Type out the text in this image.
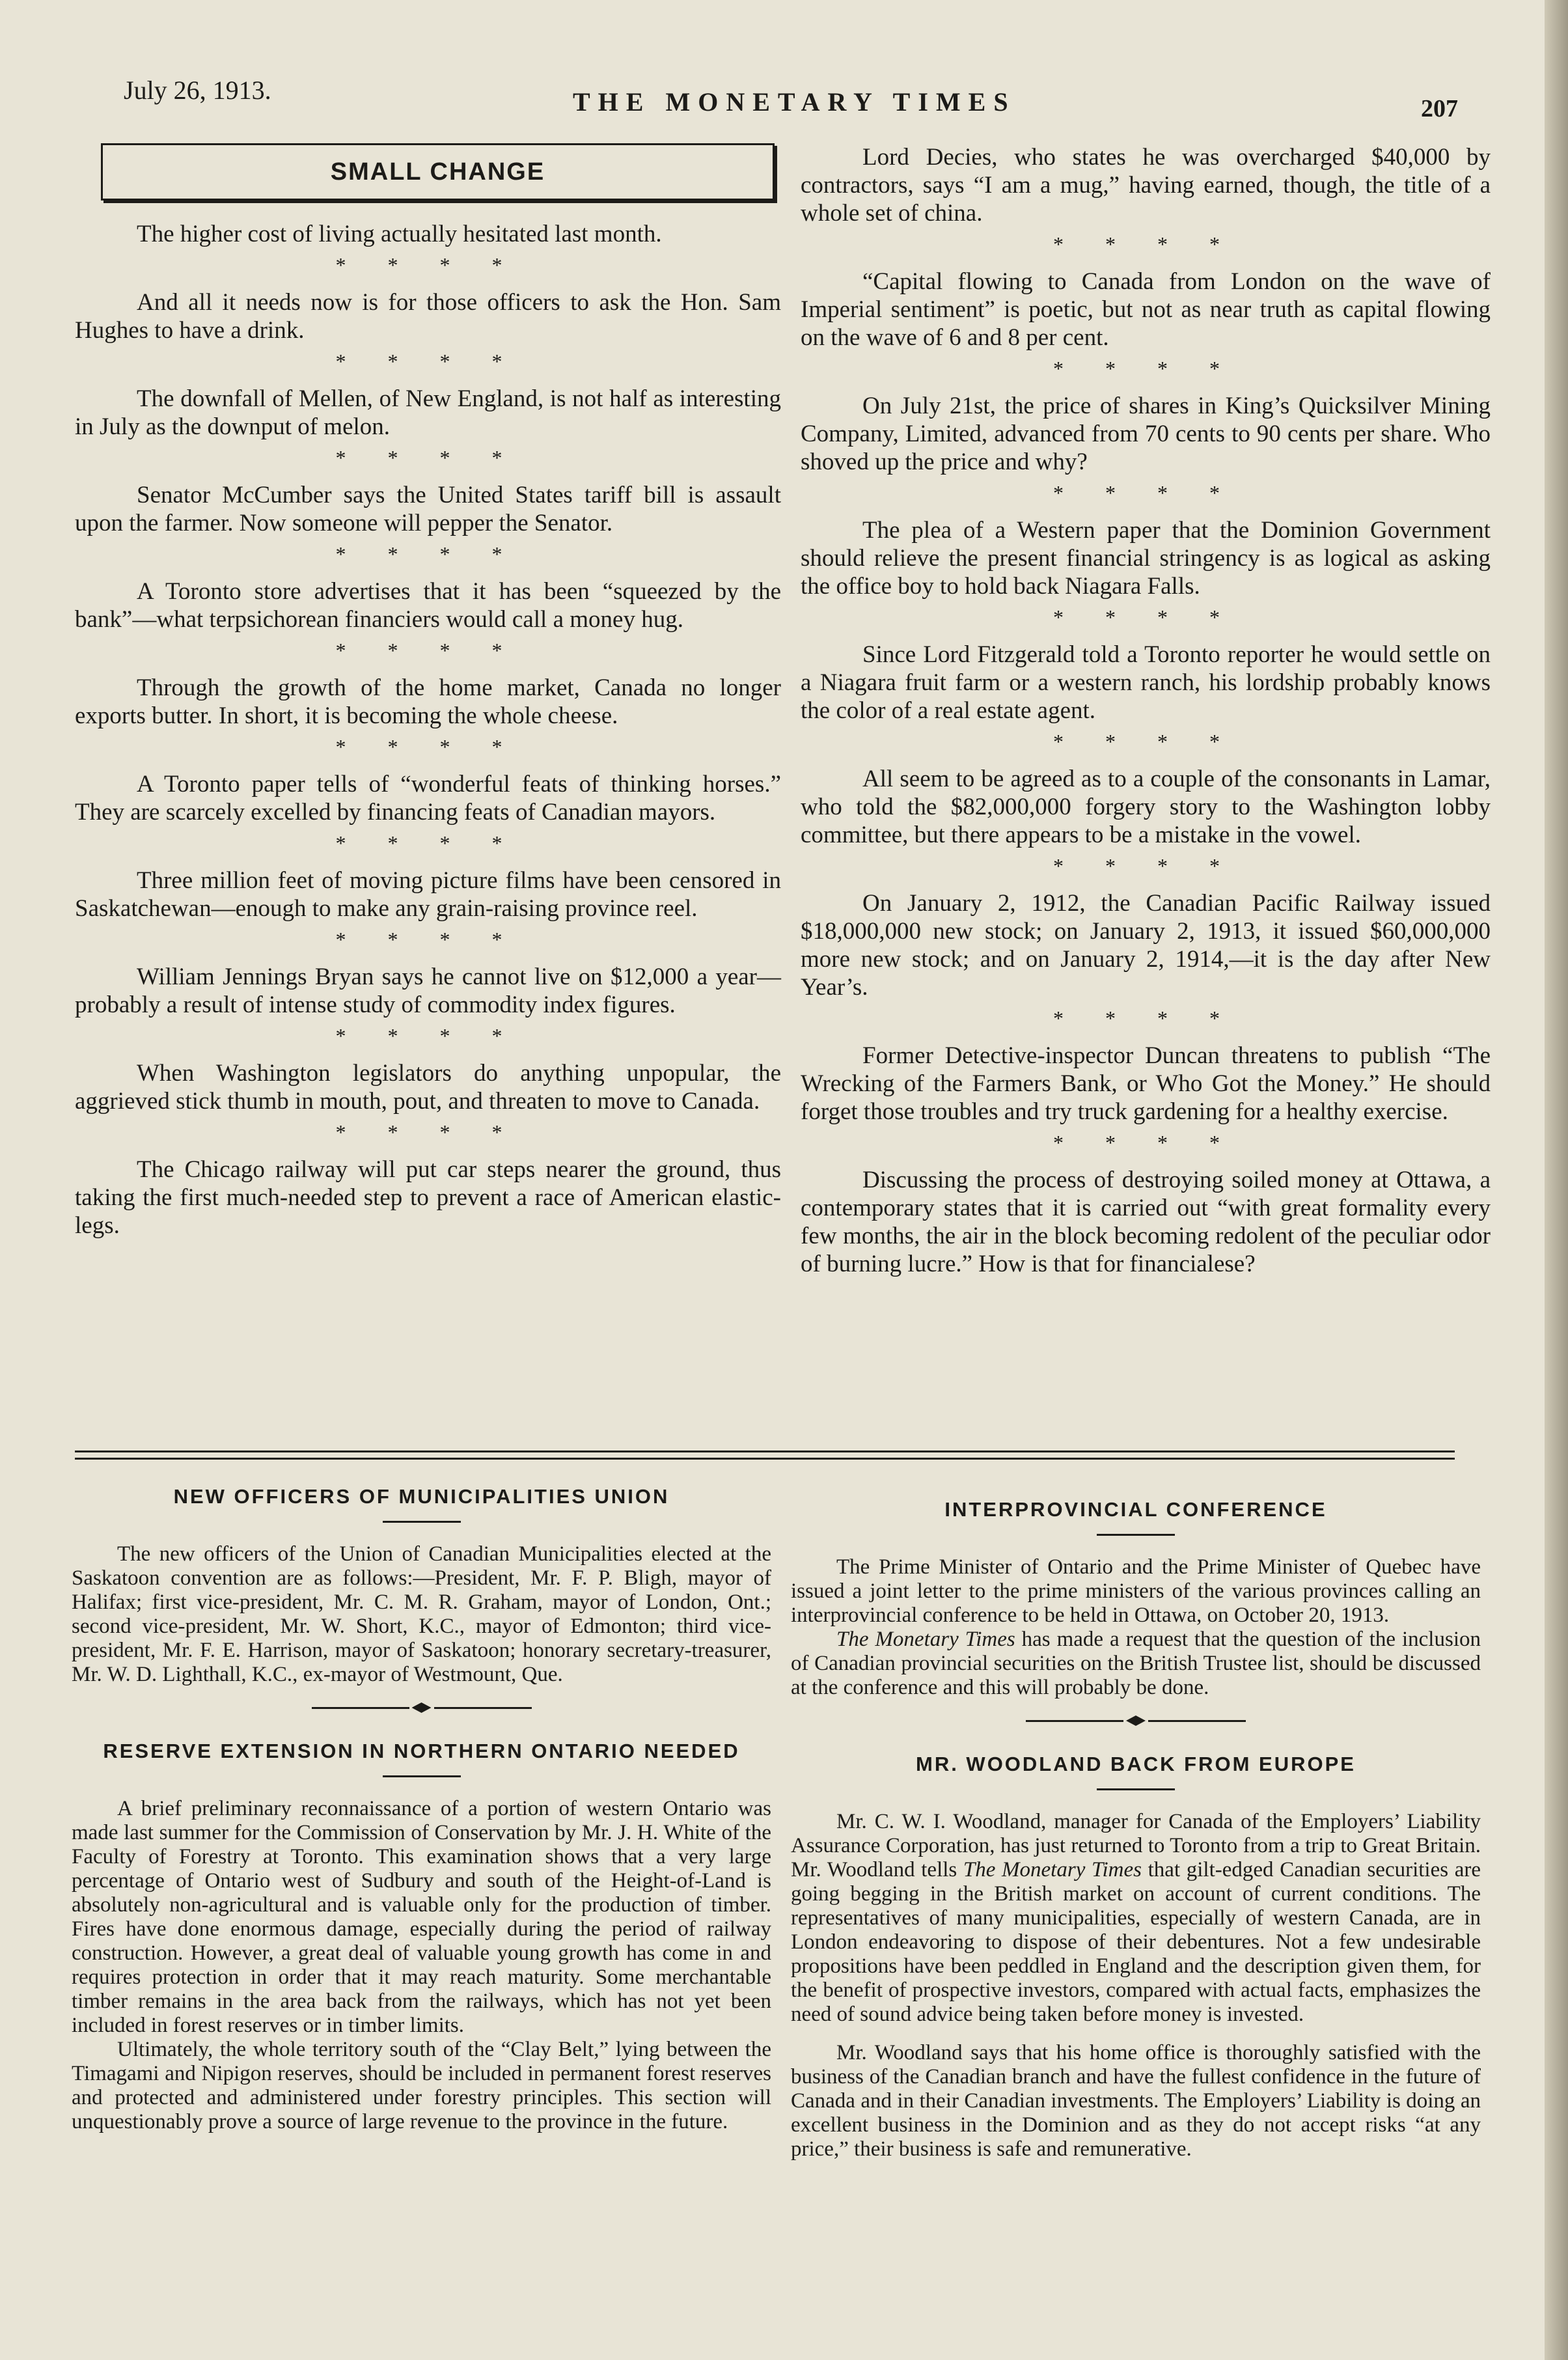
July 26, 1913.	THE MONETARY TIMES	207
SMALL CHANGE

The higher cost of living actually hesitated last month.

* * * *

And all it needs now is for those officers to ask the Hon. Sam Hughes to have a drink.

* * * *

The downfall of Mellen, of New England, is not half as interesting in July as the downput of melon.

* * * *

Senator McCumber says the United States tariff bill is assault upon the farmer. Now someone will pepper the Senator.

* * * *

A Toronto store advertises that it has been “squeezed by the bank”—what terpsichorean financiers would call a money hug.

* * * *

Through the growth of the home market, Canada no longer exports butter. In short, it is becoming the whole cheese.

* * * *

A Toronto paper tells of “wonderful feats of thinking horses.” They are scarcely excelled by financing feats of Canadian mayors.

* * * *

Three million feet of moving picture films have been censored in Saskatchewan—enough to make any grain-raising province reel.

* * * *

William Jennings Bryan says he cannot live on $12,000 a year—probably a result of intense study of commodity index figures.

* * * *

When Washington legislators do anything unpopular, the aggrieved stick thumb in mouth, pout, and threaten to move to Canada.

* * * *

The Chicago railway will put car steps nearer the ground, thus taking the first much-needed step to prevent a race of American elastic-legs.

Lord Decies, who states he was overcharged $40,000 by contractors, says “I am a mug,” having earned, though, the title of a whole set of china.

* * * *

“Capital flowing to Canada from London on the wave of Imperial sentiment” is poetic, but not as near truth as capital flowing on the wave of 6 and 8 per cent.

* * * *

On July 21st, the price of shares in King’s Quicksilver Mining Company, Limited, advanced from 70 cents to 90 cents per share. Who shoved up the price and why?

* * * *

The plea of a Western paper that the Dominion Government should relieve the present financial stringency is as logical as asking the office boy to hold back Niagara Falls.

* * * *

Since Lord Fitzgerald told a Toronto reporter he would settle on a Niagara fruit farm or a western ranch, his lordship probably knows the color of a real estate agent.

* * * *

All seem to be agreed as to a couple of the consonants in Lamar, who told the $82,000,000 forgery story to the Washington lobby committee, but there appears to be a mistake in the vowel.

* * * *

On January 2, 1912, the Canadian Pacific Railway issued $18,000,000 new stock; on January 2, 1913, it issued $60,000,000 more new stock; and on January 2, 1914,—it is the day after New Year’s.

* * * *

Former Detective-inspector Duncan threatens to publish “The Wrecking of the Farmers Bank, or Who Got the Money.” He should forget those troubles and try truck gardening for a healthy exercise.

* * * *

Discussing the process of destroying soiled money at Ottawa, a contemporary states that it is carried out “with great formality every few months, the air in the block becoming redolent of the peculiar odor of burning lucre.” How is that for financialese?

NEW OFFICERS OF MUNICIPALITIES UNION

The new officers of the Union of Canadian Municipalities elected at the Saskatoon convention are as follows:—President, Mr. F. P. Bligh, mayor of Halifax; first vice-president, Mr. C. M. R. Graham, mayor of London, Ont.; second vice-president, Mr. W. Short, K.C., mayor of Edmonton; third vice-president, Mr. F. E. Harrison, mayor of Saskatoon; honorary secretary-treasurer, Mr. W. D. Lighthall, K.C., ex-mayor of Westmount, Que.

RESERVE EXTENSION IN NORTHERN ONTARIO NEEDED

A brief preliminary reconnaissance of a portion of western Ontario was made last summer for the Commission of Conservation by Mr. J. H. White of the Faculty of Forestry at Toronto. This examination shows that a very large percentage of Ontario west of Sudbury and south of the Height-of-Land is absolutely non-agricultural and is valuable only for the production of timber. Fires have done enormous damage, especially during the period of railway construction. However, a great deal of valuable young growth has come in and requires protection in order that it may reach maturity. Some merchantable timber remains in the area back from the railways, which has not yet been included in forest reserves or in timber limits.

Ultimately, the whole territory south of the “Clay Belt,” lying between the Timagami and Nipigon reserves, should be included in permanent forest reserves and protected and administered under forestry principles. This section will unquestionably prove a source of large revenue to the province in the future.

INTERPROVINCIAL CONFERENCE

The Prime Minister of Ontario and the Prime Minister of Quebec have issued a joint letter to the prime ministers of the various provinces calling an interprovincial conference to be held in Ottawa, on October 20, 1913.

The Monetary Times has made a request that the question of the inclusion of Canadian provincial securities on the British Trustee list, should be discussed at the conference and this will probably be done.

MR. WOODLAND BACK FROM EUROPE

Mr. C. W. I. Woodland, manager for Canada of the Employers’ Liability Assurance Corporation, has just returned to Toronto from a trip to Great Britain. Mr. Woodland tells The Monetary Times that gilt-edged Canadian securities are going begging in the British market on account of current conditions. The representatives of many municipalities, especially of western Canada, are in London endeavoring to dispose of their debentures. Not a few undesirable propositions have been peddled in England and the description given them, for the benefit of prospective investors, compared with actual facts, emphasizes the need of sound advice being taken before money is invested.

Mr. Woodland says that his home office is thoroughly satisfied with the business of the Canadian branch and have the fullest confidence in the future of Canada and in their Canadian investments. The Employers’ Liability is doing an excellent business in the Dominion and as they do not accept risks “at any price,” their business is safe and remunerative.
